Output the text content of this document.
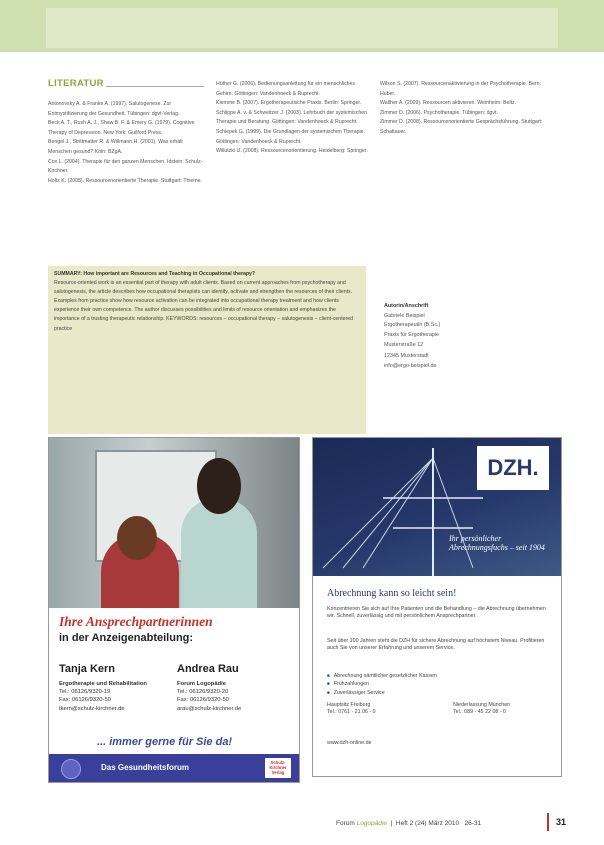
LITERATUR

Antonovsky A. & Franke A. (1997). Salutogenese. Zur Entmystifizierung der Gesundheit. Tübingen: dgvt-Verlag.

Beck A. T., Rush A. J., Shaw B. F. & Emery G. (1979). Cognitive Therapy of Depression. New York: Guilford Press.

Bengel J., Strittmatter R. & Willmann H. (2001). Was erhält Menschen gesund? Köln: BZgA.

Cox L. (2004). Therapie für den ganzen Menschen. Idstein: Schulz-Kirchner.

Holtz K. (2008). Ressourcenorientierte Therapie. Stuttgart: Thieme.

Hüther G. (2006). Bedienungsanleitung für ein menschliches Gehirn. Göttingen: Vandenhoeck & Ruprecht.

Klemme B. (2007). Ergotherapeutische Praxis. Berlin: Springer.

Schlippe A. v. & Schweitzer J. (2003). Lehrbuch der systemischen Therapie und Beratung. Göttingen: Vandenhoeck & Ruprecht.

Schiepek G. (1999). Die Grundlagen der systemischen Therapie. Göttingen: Vandenhoeck & Ruprecht.

Willutzki U. (2008). Ressourcenorientierung. Heidelberg: Springer.

Wilson S. (2007). Ressourcenaktivierung in der Psychotherapie. Bern: Huber.

Walther A. (2009). Ressourcen aktivieren. Weinheim: Beltz.

Zimmer D. (2006). Psychotherapie. Tübingen: dgvt.

Zimmer D. (2008). Ressourcenorientierte Gesprächsführung. Stuttgart: Schattauer.

SUMMARY: How important are Resources and Teaching in Occupational therapy?
Resource-oriented work is an essential part of therapy with adult clients. Based on current approaches from psychotherapy and salutogenesis, the article describes how occupational therapists can identify, activate and strengthen the resources of their clients. Examples from practice show how resource activation can be integrated into occupational therapy treatment and how clients experience their own competence. The author discusses possibilities and limits of resource orientation and emphasizes the importance of a trusting therapeutic relationship. KEYWORDS: resources – occupational therapy – salutogenesis – client-centered practice
Autorin/Anschrift
Gabriele Beispiel
Ergotherapeutin (B.Sc.)
Praxis für Ergotherapie
Musterstraße 12
12345 Musterstadt
info@ergo-beispiel.de
Ihre Ansprechpartnerinnen
in der Anzeigenabteilung:
Tanja Kern	Andrea Rau
Ergotherapie und Rehabilitation
Tel.: 06126/9320-19
Fax: 06126/9320-50
tkern@schulz-kirchner.de
Forum Logopädie
Tel.: 06126/9320-20
Fax: 06126/9320-50
arau@schulz-kirchner.de
... immer gerne für Sie da!
Das Gesundheitsforum
Schulz-Kirchner Verlag
DZH.
Ihr persönlicher Abrechnungsfuchs – seit 1904
Abrechnung kann so leicht sein!
Konzentrieren Sie sich auf Ihre Patienten und die Behandlung – die Abrechnung übernehmen wir. Schnell, zuverlässig und mit persönlichem Ansprechpartner.
Seit über 100 Jahren steht die DZH für sichere Abrechnung auf höchstem Niveau. Profitieren auch Sie von unserer Erfahrung und unserem Service.
■ Abrechnung sämtlicher gesetzlicher Kassen
■ Frühzahlungen
■ Zuverlässiger Service
Hauptsitz Freiburg
Tel.: 0761 - 21 06 - 0
Niederlassung München
Tel.: 089 - 45 22 08 - 0
www.dzh-online.de
Forum Logopädie  |  Heft 2 (24) März 2010 26-31	31
